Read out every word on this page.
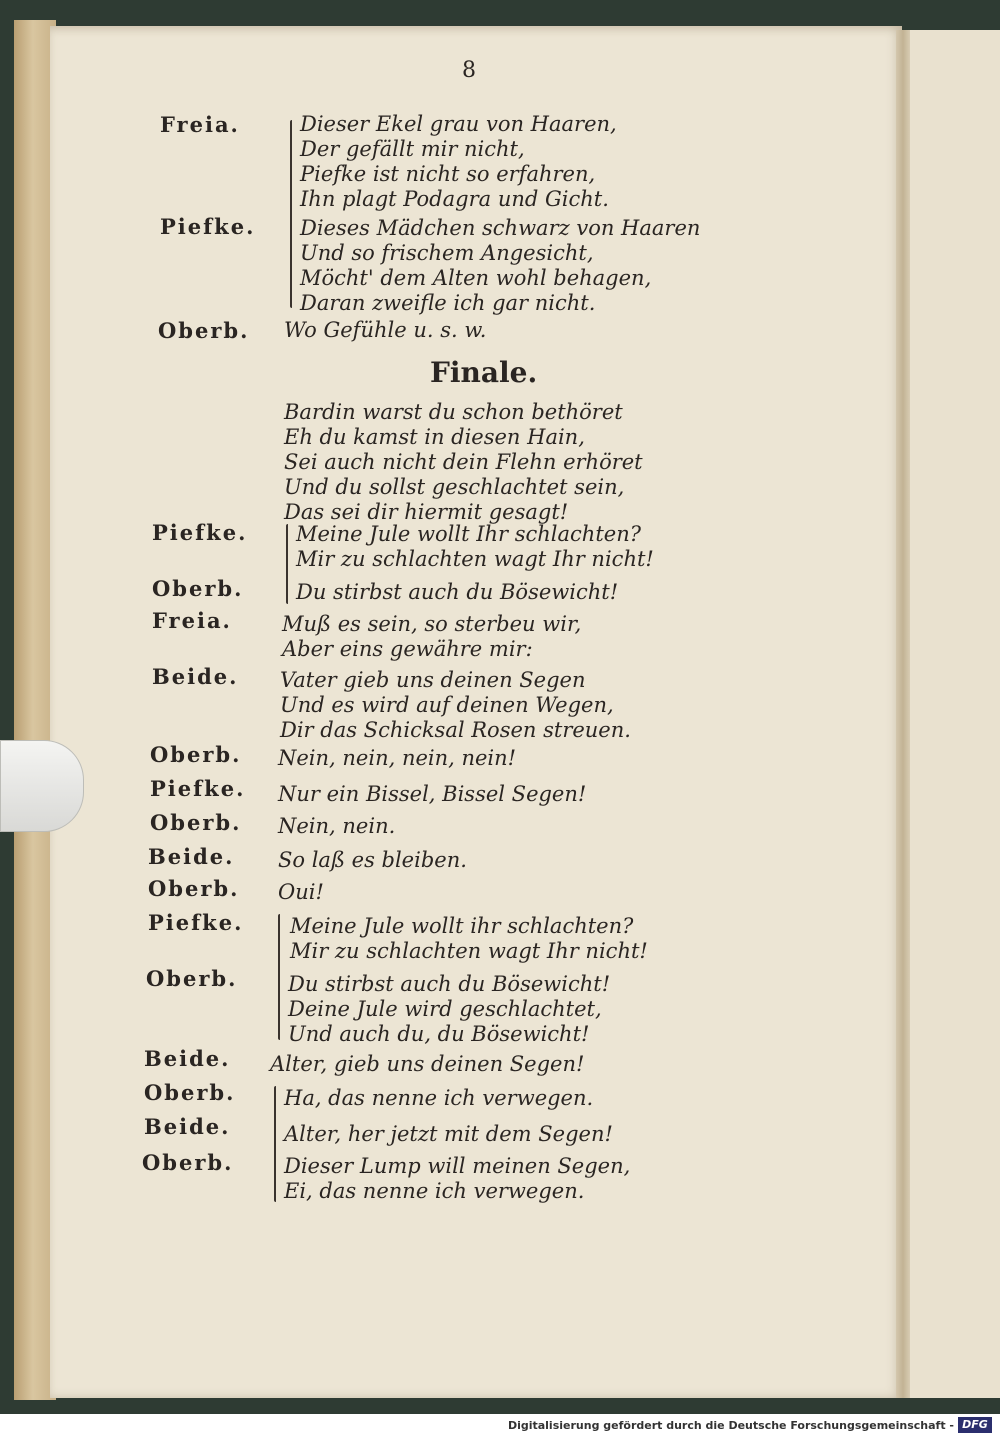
8
Freia.	Dieser Ekel grau von Haaren,
Der gefällt mir nicht,
Piefke ist nicht so erfahren,
Ihn plagt Podagra und Gicht.
Piefke.	Dieses Mädchen schwarz von Haaren
Und so frischem Angesicht,
Möcht' dem Alten wohl behagen,
Daran zweifle ich gar nicht.
Oberb.	Wo Gefühle u. s. w.
Finale.
Bardin warst du schon bethöret
Eh du kamst in diesen Hain,
Sei auch nicht dein Flehn erhöret
Und du sollst geschlachtet sein,
Das sei dir hiermit gesagt!
Piefke.	Meine Jule wollt Ihr schlachten?
Mir zu schlachten wagt Ihr nicht!
Oberb.	Du stirbst auch du Bösewicht!
Freia.	Muß es sein, so sterbeu wir,
Aber eins gewähre mir:
Beide.	Vater gieb uns deinen Segen
Und es wird auf deinen Wegen,
Dir das Schicksal Rosen streuen.
Oberb.	Nein, nein, nein, nein!
Piefke.	Nur ein Bissel, Bissel Segen!
Oberb.	Nein, nein.
Beide.	So laß es bleiben.
Oberb.	Oui!
Piefke.	Meine Jule wollt ihr schlachten?
Mir zu schlachten wagt Ihr nicht!
Oberb.	Du stirbst auch du Bösewicht!
Deine Jule wird geschlachtet,
Und auch du, du Bösewicht!
Beide.	Alter, gieb uns deinen Segen!
Oberb.	Ha, das nenne ich verwegen.
Beide.	Alter, her jetzt mit dem Segen!
Oberb.	Dieser Lump will meinen Segen,
Ei, das nenne ich verwegen.
Digitalisierung gefördert durch die Deutsche Forschungsgemeinschaft - DFG
